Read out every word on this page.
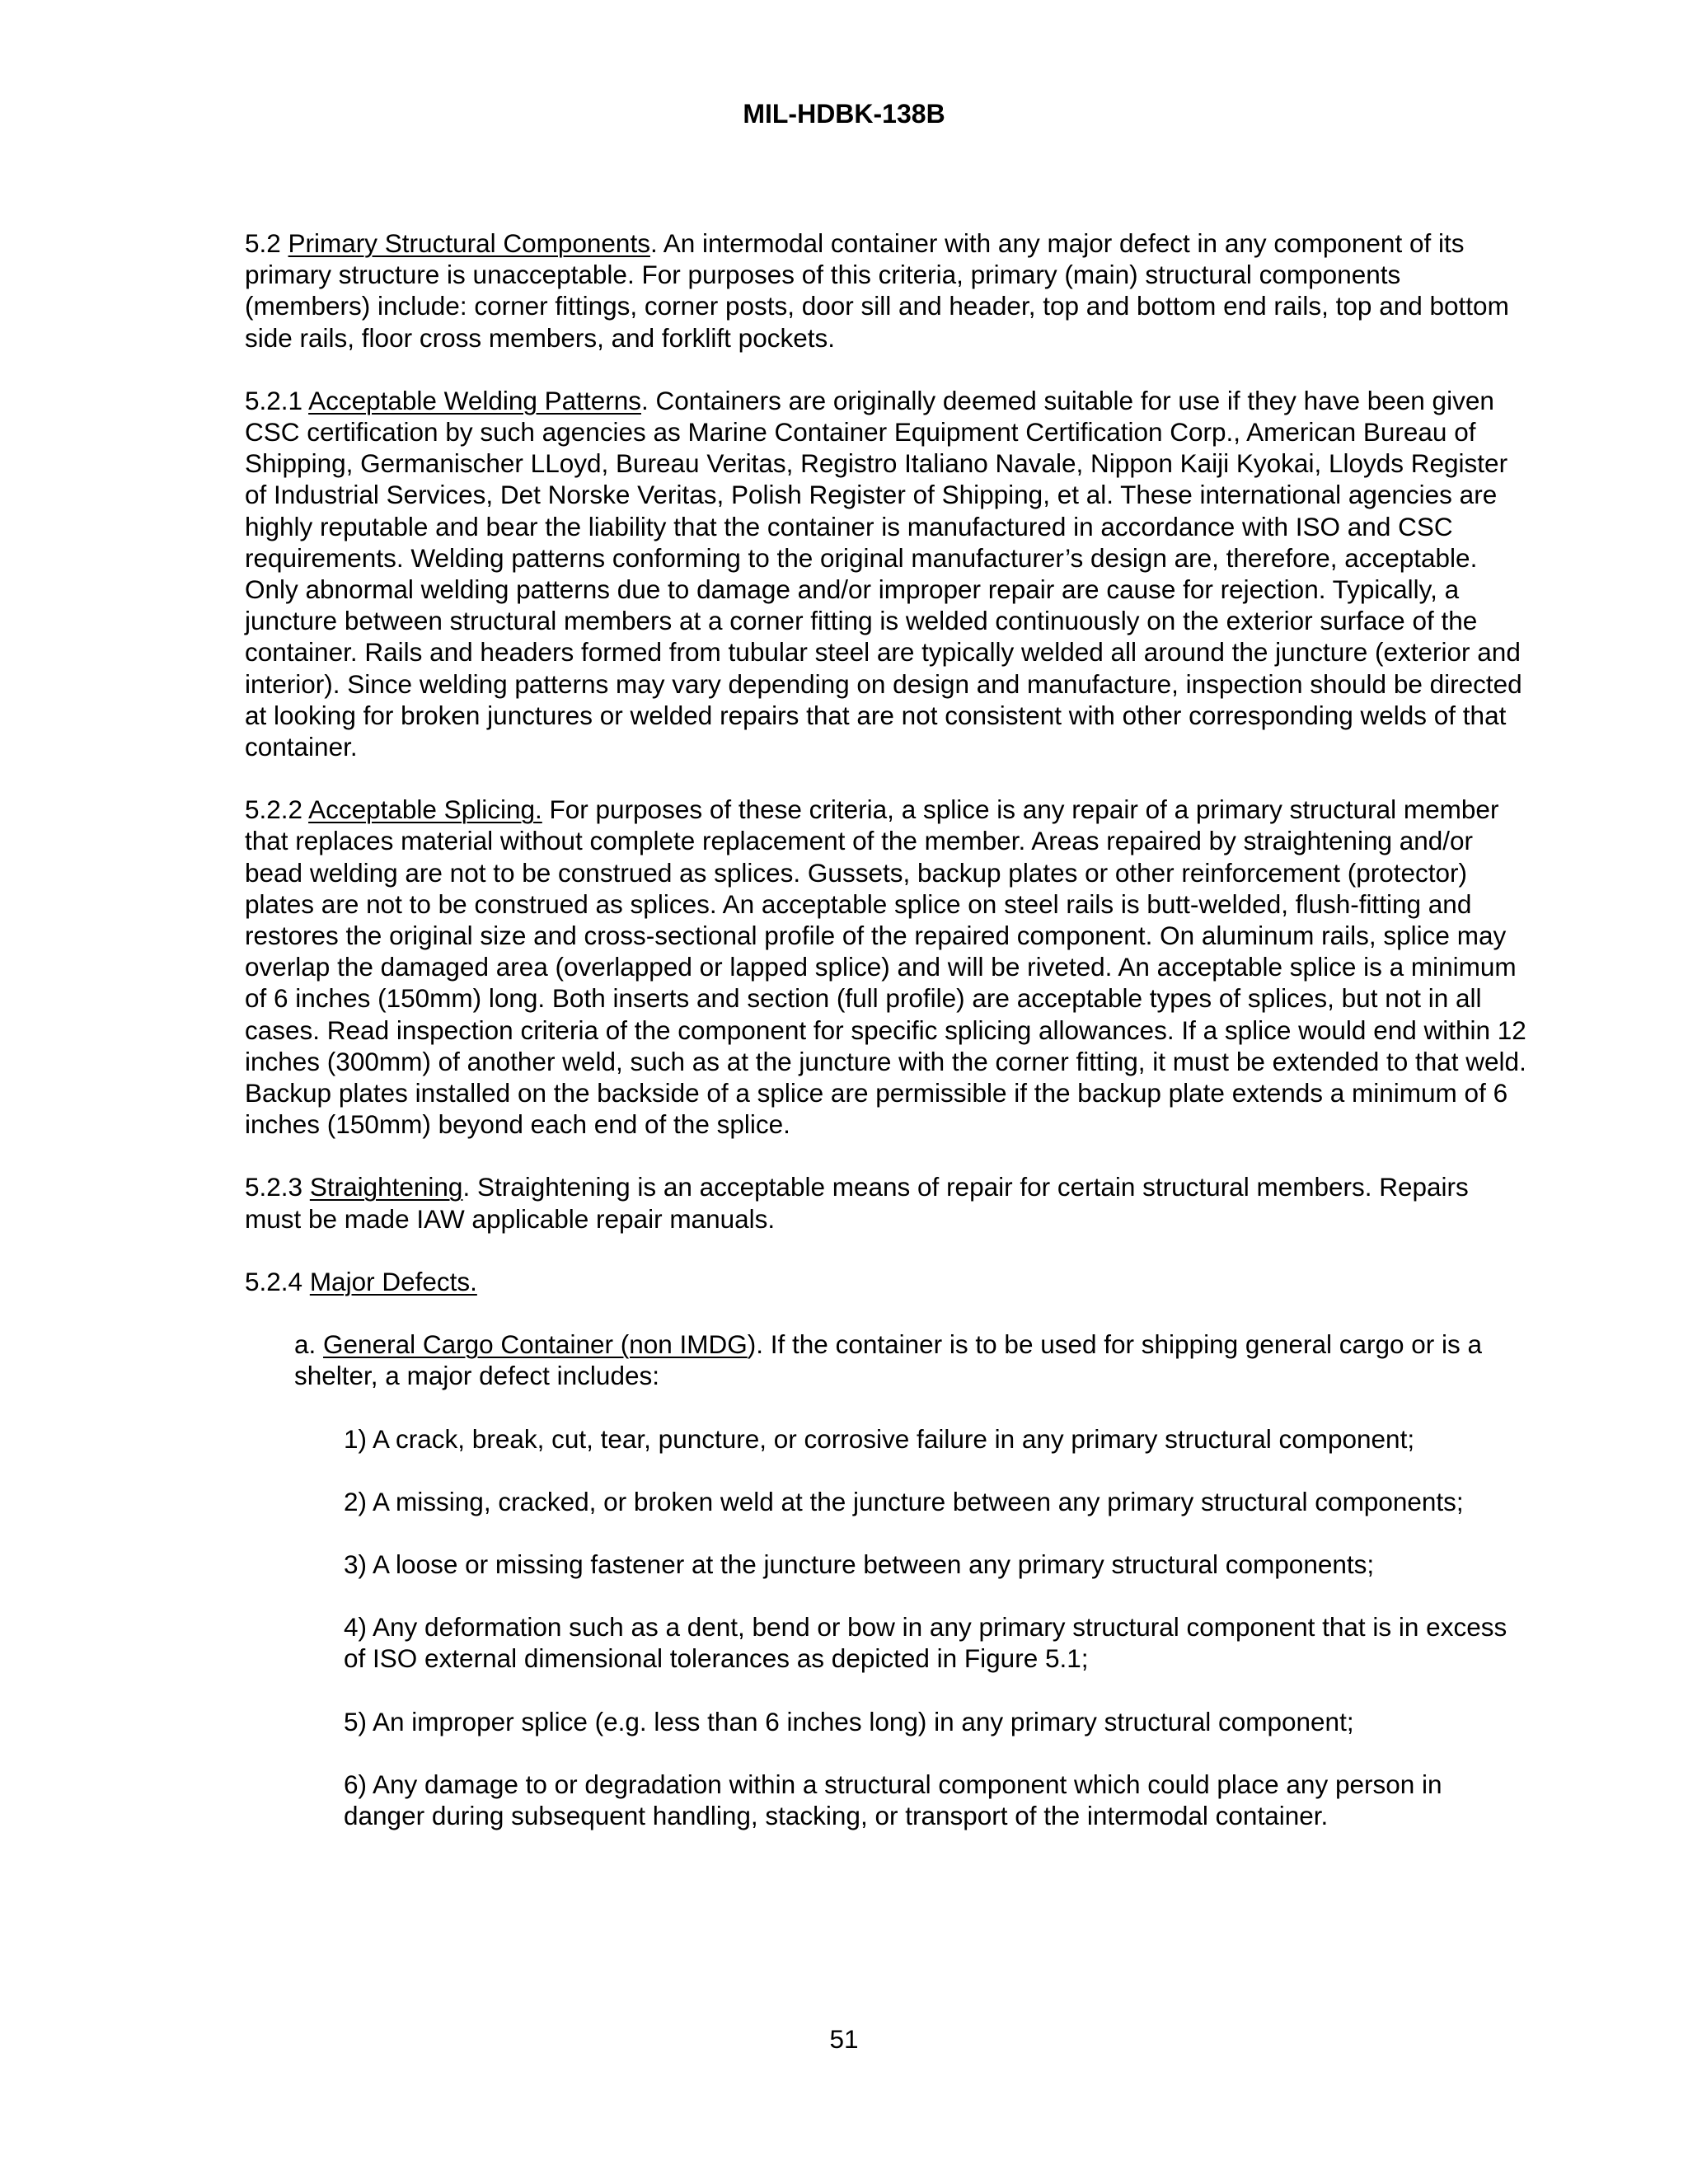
MIL-HDBK-138B

5.2 Primary Structural Components. An intermodal container with any major defect in any component of its primary structure is unacceptable. For purposes of this criteria, primary (main) structural components (members) include: corner fittings, corner posts, door sill and header, top and bottom end rails, top and bottom side rails, floor cross members, and forklift pockets.

5.2.1 Acceptable Welding Patterns. Containers are originally deemed suitable for use if they have been given CSC certification by such agencies as Marine Container Equipment Certification Corp., American Bureau of Shipping, Germanischer LLoyd, Bureau Veritas, Registro Italiano Navale, Nippon Kaiji Kyokai, Lloyds Register of Industrial Services, Det Norske Veritas, Polish Register of Shipping, et al. These international agencies are highly reputable and bear the liability that the container is manufactured in accordance with ISO and CSC requirements. Welding patterns conforming to the original manufacturer’s design are, therefore, acceptable. Only abnormal welding patterns due to damage and/or improper repair are cause for rejection. Typically, a juncture between structural members at a corner fitting is welded continuously on the exterior surface of the container. Rails and headers formed from tubular steel are typically welded all around the juncture (exterior and interior). Since welding patterns may vary depending on design and manufacture, inspection should be directed at looking for broken junctures or welded repairs that are not consistent with other corresponding welds of that container.

5.2.2 Acceptable Splicing. For purposes of these criteria, a splice is any repair of a primary structural member that replaces material without complete replacement of the member. Areas repaired by straightening and/or bead welding are not to be construed as splices. Gussets, backup plates or other reinforcement (protector) plates are not to be construed as splices. An acceptable splice on steel rails is butt-welded, flush-fitting and restores the original size and cross-sectional profile of the repaired component. On aluminum rails, splice may overlap the damaged area (overlapped or lapped splice) and will be riveted. An acceptable splice is a minimum of 6 inches (150mm) long. Both inserts and section (full profile) are acceptable types of splices, but not in all cases. Read inspection criteria of the component for specific splicing allowances. If a splice would end within 12 inches (300mm) of another weld, such as at the juncture with the corner fitting, it must be extended to that weld. Backup plates installed on the backside of a splice are permissible if the backup plate extends a minimum of 6 inches (150mm) beyond each end of the splice.

5.2.3 Straightening. Straightening is an acceptable means of repair for certain structural members. Repairs must be made IAW applicable repair manuals.

5.2.4 Major Defects.

a. General Cargo Container (non IMDG). If the container is to be used for shipping general cargo or is a shelter, a major defect includes:

1) A crack, break, cut, tear, puncture, or corrosive failure in any primary structural component;

2) A missing, cracked, or broken weld at the juncture between any primary structural components;

3) A loose or missing fastener at the juncture between any primary structural components;

4) Any deformation such as a dent, bend or bow in any primary structural component that is in excess of ISO external dimensional tolerances as depicted in Figure 5.1;

5) An improper splice (e.g. less than 6 inches long) in any primary structural component;

6) Any damage to or degradation within a structural component which could place any person in danger during subsequent handling, stacking, or transport of the intermodal container.

51
